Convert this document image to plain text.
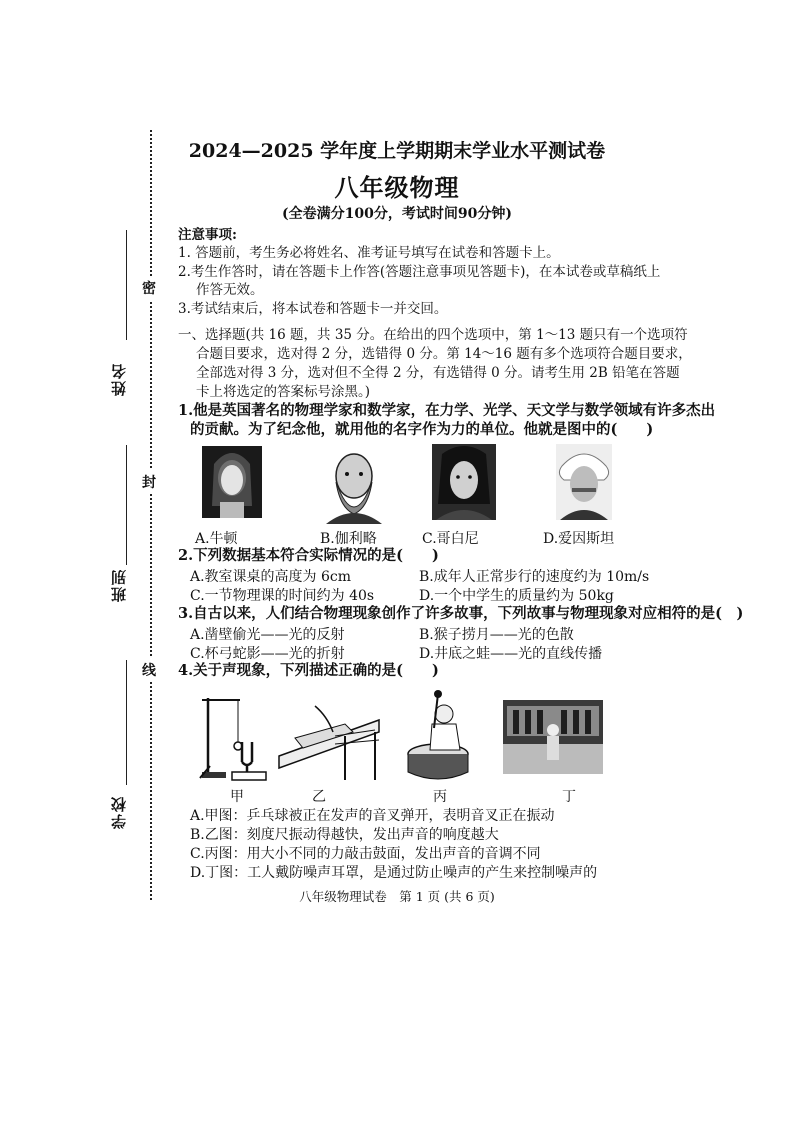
密
封
线
姓名
班别
学校
2024—2025 学年度上学期期末学业水平测试卷
八年级物理
(全卷满分100分，考试时间90分钟)
注意事项:
1. 答题前，考生务必将姓名、准考证号填写在试卷和答题卡上。
2.考生作答时，请在答题卡上作答(答题注意事项见答题卡)，在本试卷或草稿纸上
作答无效。
3.考试结束后，将本试卷和答题卡一并交回。
一、选择题(共 16 题，共 35 分。在给出的四个选项中，第 1～13 题只有一个选项符
合题目要求，选对得 2 分，选错得 0 分。第 14～16 题有多个选项符合题目要求，
全部选对得 3 分，选对但不全得 2 分，有选错得 0 分。请考生用 2B 铅笔在答题
卡上将选定的答案标号涂黑。)
1.他是英国著名的物理学家和数学家，在力学、光学、天文学与数学领域有许多杰出
的贡献。为了纪念他，就用他的名字作为力的单位。他就是图中的(　　)
A.牛顿	B.伽利略	C.哥白尼	D.爱因斯坦
2.下列数据基本符合实际情况的是(　　)
A.教室课桌的高度为 6cm	B.成年人正常步行的速度约为 10m/s
C.一节物理课的时间约为 40s	D.一个中学生的质量约为 50kg
3.自古以来，人们结合物理现象创作了许多故事，下列故事与物理现象对应相符的是(　)
A.凿壁偷光——光的反射	B.猴子捞月——光的色散
C.杯弓蛇影——光的折射	D.井底之蛙——光的直线传播
4.关于声现象，下列描述正确的是(　　)
甲	乙	丙	丁
A.甲图：乒乓球被正在发声的音叉弹开，表明音叉正在振动
B.乙图：刻度尺振动得越快，发出声音的响度越大
C.丙图：用大小不同的力敲击鼓面，发出声音的音调不同
D.丁图：工人戴防噪声耳罩，是通过防止噪声的产生来控制噪声的
八年级物理试卷　第 1 页 (共 6 页)
